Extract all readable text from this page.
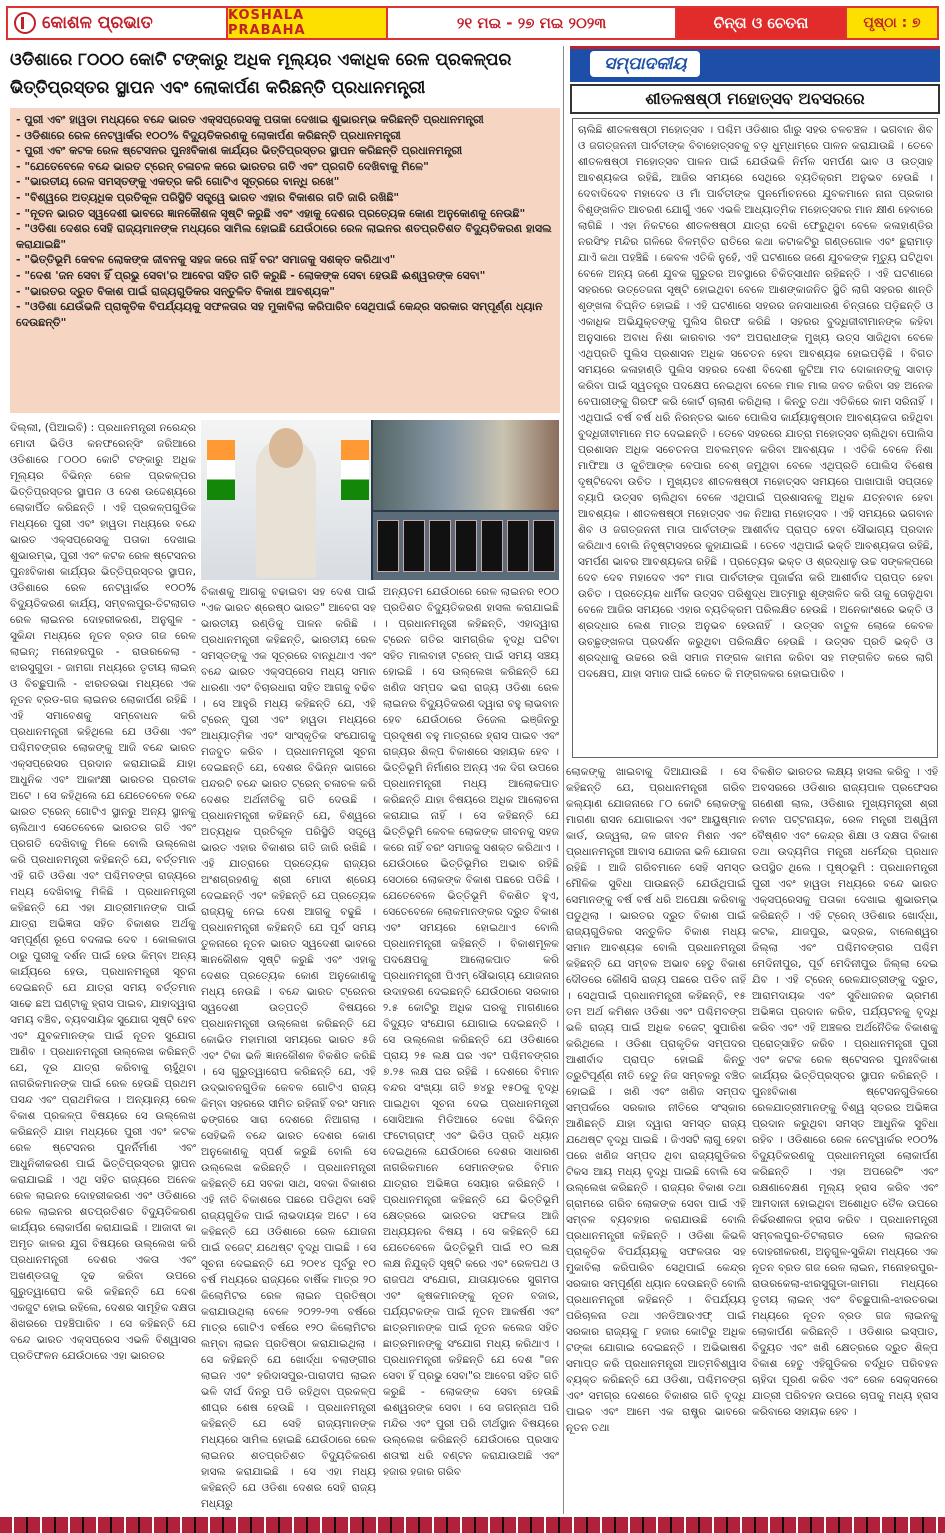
କୋଶଳ ପ୍ରଭାତ	KOSHALA PRABAHA	୨୧ ମଇ - ୨୭ ମଇ ୨୦୨୩	ଚିନ୍ତା ଓ ଚେତନା	ପୃଷ୍ଠା : ୭
ଓଡିଶାରେ ୮୦୦୦ କୋଟି ଟଙ୍କାରୁ ଅଧିକ ମୂଲ୍ୟର ଏକାଧିକ ରେଳ ପ୍ରକଳ୍ପର ଭିତ୍ତିପ୍ରସ୍ତର ସ୍ଥାପନ ଏବଂ ଲୋକାର୍ପଣ କରିଛନ୍ତି ପ୍ରଧାନମନ୍ତ୍ରୀ
- ପୁରୀ ଏବଂ ହାୱଡା ମଧ୍ୟରେ ବନ୍ଦେ ଭାରତ ଏକ୍ସପ୍ରେସକୁ ପତାକା ଦେଖାଇ ଶୁଭାରମ୍ଭ କରିଛନ୍ତି ପ୍ରଧାନମନ୍ତ୍ରୀ
- ଓଡିଶାରେ ରେଳ ନେଟୱାର୍କର ୧୦୦% ବିଦ୍ୟୁତିକରଣକୁ ଲୋକାର୍ପଣ କରିଛନ୍ତି ପ୍ରଧାନମନ୍ତ୍ରୀ
- ପୁରୀ ଏବଂ କଟକ ରେଳ ଷ୍ଟେସନର ପୁନଃବିକାଶ କାର୍ଯ୍ୟର ଭିତ୍ତିପ୍ରସ୍ତର ସ୍ଥାପନ କରିଛନ୍ତି ପ୍ରଧାନମନ୍ତ୍ରୀ
- "ଯେତେବେଳେ ବନ୍ଦେ ଭାରତ ଟ୍ରେନ୍ ଚଳାଚଳ କରେ ଭାରତର ଗତି ଏବଂ ପ୍ରଗତି ଦେଖିବାକୁ ମିଳେ"
- "ଭାରତୀୟ ରେଳ ସମସ୍ତଙ୍କୁ ଏକତ୍ର କରି ଗୋଟିଏ ସୂତ୍ରରେ ବାନ୍ଧି ରଖେ"
- "ବିଶ୍ୱରେ ଅତ୍ୟଧିକ ପ୍ରତିକୂଳ ପରିସ୍ଥିତି ସତ୍ତ୍ୱେ ଭାରତ ଏହାର ବିକାଶର ଗତି ଜାରି ରଖିଛି"
- "ନୂତନ ଭାରତ ସ୍ୱଦେଶୀ ଭାବରେ ଜ୍ଞାନକୌଶଳ ସୃଷ୍ଟି କରୁଛି ଏବଂ ଏହାକୁ ଦେଶର ପ୍ରତ୍ୟେକ କୋଣ ଅନୁକୋଣକୁ ନେଉଛି"
- "ଓଡିଶା ଦେଶର ସେହି ରାଜ୍ୟମାନଙ୍କ ମଧ୍ୟରେ ସାମିଲ ହୋଇଛି ଯେଉଁଠାରେ ରେଳ ଲାଇନର ଶତପ୍ରତିଶତ ବିଦ୍ୟୁତିକରଣ ହାସଲ କରାଯାଇଛି"
- "ଭିତ୍ତିଭୂମି କେବଳ ଲୋକଙ୍କ ଜୀବନକୁ ସହଜ କରେ ନାହିଁ ବରଂ ସମାଜକୁ ସଶକ୍ତ କରିଥାଏ"
- "ଦେଶ 'ଜନ ସେବା ହିଁ ପ୍ରଭୁ ସେବା'ର ଆବେଗ ସହିତ ଗତି କରୁଛି - ଲୋକଙ୍କ ସେବା ହେଉଛି ଈଶ୍ୱରଙ୍କ ସେବା"
- "ଭାରତର ଦ୍ରୁତ ବିକାଶ ପାଇଁ ରାଜ୍ୟଗୁଡିକର ସନ୍ତୁଳିତ ବିକାଶ ଆବଶ୍ୟକ"
- "ଓଡିଶା ଯେଉଁଭଳି ପ୍ରାକୃତିକ ବିପର୍ଯ୍ୟୟକୁ ସଫଳତାର ସହ ମୁକାବିଲା କରିପାରିବ ସେଥିପାଇଁ କେନ୍ଦ୍ର ସରକାର ସମ୍ପୂର୍ଣ୍ଣ ଧ୍ୟାନ ଦେଉଛନ୍ତି"
ଦିଲ୍ଲୀ, (ପିଆଇବି) : ପ୍ରଧାନମନ୍ତ୍ରୀ ନରେନ୍ଦ୍ର ମୋଦୀ ଭିଡିଓ କନଫରେନ୍ସିଂ ଜରିଆରେ ଓଡିଶାରେ ୮୦୦୦ କୋଟି ଟଙ୍କାରୁ ଅଧିକ ମୂଲ୍ୟର ବିଭିନ୍ନ ରେଳ ପ୍ରକଳ୍ପର ଭିତ୍ତିପ୍ରସ୍ତର ସ୍ଥାପନ ଓ ଦେଶ ଉଦ୍ଦେଶ୍ୟରେ ଲୋକାର୍ପିତ କରିଛନ୍ତି । ଏହି ପ୍ରକଳ୍ପଗୁଡିକ ମଧ୍ୟରେ ପୁରୀ ଏବଂ ହାୱଡା ମଧ୍ୟରେ ବନ୍ଦେ ଭାରତ ଏକ୍ସପ୍ରେସକୁ ପତାକା ଦେଖାଇ ଶୁଭାରମ୍ଭ, ପୁରୀ ଏବଂ କଟକ ରେଳ ଷ୍ଟେସନର ପୁନଃବିକାଶ କାର୍ଯ୍ୟର ଭିତ୍ତିପ୍ରସ୍ତର ସ୍ଥାପନ, ଓଡିଶାରେ ରେଳ ନେଟୱାର୍କର ୧୦୦% ବିଦ୍ୟୁତିକରଣ କାର୍ଯ୍ୟ, ସମ୍ବଲପୁର-ତିଟଲାଗଡ ରେଳ ଲାଇନର ଦୋହରୀକରଣ, ଅନୁଗୁଳ - ସୁକିନ୍ଦା ମଧ୍ୟରେ ନୂତନ ବ୍ରଡ ଗଜ ରେଳ ଲାଇନ୍; ମନୋହରପୁର - ରାଉରକେଲା - ଝାରସୁଗୁଡା - ଜାମଗା ମଧ୍ୟରେ ତୃତୀୟ ଲାଇନ୍ ଓ ବିଚ୍ଛୁପାଲି - ଝାରତରଭା ମଧ୍ୟରେ ଏକ ନୂତନ ବ୍ରଡ-ଗଜ ଲାଇନର ଲୋକାର୍ପଣ ରହିଛି । ଏହି ସମାବେଶକୁ ସମ୍ବୋଧନ କରି ପ୍ରଧାନମନ୍ତ୍ରୀ କହିଥିଲେ ଯେ ଓଡିଶା ଏବଂ ପଶ୍ଚିମବଙ୍ଗର ଲୋକଙ୍କୁ ଆଜି ବନ୍ଦେ ଭାରତ ଏକ୍ସପ୍ରେସର ପ୍ରଦାନ କରାଯାଇଛି ଯାହା ଆଧୁନିକ ଏବଂ ଆକାଂକ୍ଷୀ ଭାରତର ପ୍ରତୀକ ଅଟେ । ସେ କହିଥିଲେ ଯେ ଯେତେବେଳେ ବନ୍ଦେ ଭାରତ ଟ୍ରେନ୍ ଗୋଟିଏ ସ୍ଥାନରୁ ଅନ୍ୟ ସ୍ଥାନକୁ ଚାଲିଥାଏ ସେତେବେଳେ ଭାରତର ଗତି ଏବଂ ପ୍ରଗତି ଦେଖିବାକୁ ମିଳେ ବୋଲି ଉଲ୍ଲେଖ କରି ପ୍ରଧାନମନ୍ତ୍ରୀ କହିଛନ୍ତି ଯେ, ବର୍ତ୍ତମାନ ଏହି ଗତି ଓଡିଶା ଏବଂ ପଶ୍ଚିମବଙ୍ଗ ରାଜ୍ୟରେ ମଧ୍ୟ ଦେଖିବାକୁ ମିଳିଛି । ପ୍ରଧାନମନ୍ତ୍ରୀ କହିଛନ୍ତି ଯେ ଏହା ଯାତ୍ରୀମାନଙ୍କ ପାଇଁ ଯାତ୍ରା ଅଭିଜ୍ଞତା ସହିତ ବିକାଶର ଅର୍ଥକୁ ସମ୍ପୂର୍ଣ୍ଣ ରୂପେ ବଦଳାଇ ଦେବ । କୋଲକାତା ଠାରୁ ପୁରୀକୁ ଦର୍ଶନ ପାଇଁ ହେଉ କିମ୍ବା ଅନ୍ୟ କାର୍ଯ୍ୟରେ ହେଉ, ପ୍ରଧାନମନ୍ତ୍ରୀ ସୂଚନା ଦେଇଛନ୍ତି ଯେ ଯାତ୍ରା ସମୟ ବର୍ତ୍ତମାନ ସାଢେ ଛଅ ଘଣ୍ଟାକୁ ହ୍ରାସ ପାଇବ, ଯାହାଦ୍ୱାରା ସମୟ ବଞ୍ଚିବ, ବ୍ୟବସାୟିକ ସୁଯୋଗ ସୃଷ୍ଟି ହେବ ଏବଂ ଯୁବକମାନଙ୍କ ପାଇଁ ନୂତନ ସୁଯୋଗ ଆଣିବ । ପ୍ରଧାନମନ୍ତ୍ରୀ ଉଲ୍ଲେଖ କରିଛନ୍ତି ଯେ, ଦୂର ଯାତ୍ରା କରିବାକୁ ଚାହୁଁଥିବା ନାଗରିକମାନଙ୍କ ପାଇଁ ରେଳ ହେଉଛି ପ୍ରଥମ ପସନ୍ଦ ଏବଂ ପ୍ରାଥମିକତା । ଅନ୍ୟାନ୍ୟ ରେଳ ବିକାଶ ପ୍ରକଳ୍ପ ବିଷୟରେ ସେ ଉଲ୍ଲେଖ କରିଛନ୍ତି ଯାହା ମଧ୍ୟରେ ପୁରୀ ଏବଂ କଟକ ରେଳ ଷ୍ଟେସନର ପୁନର୍ନିର୍ମାଣ ଏବଂ ଆଧୁନିକୀକରଣ ପାଇଁ ଭିତ୍ତିପ୍ରସ୍ତର ସ୍ଥାପନ କରାଯାଇଛି । ଏଥି ସହିତ ରାଜ୍ୟରେ ଅନେକ ରେଳ ଲାଇନର ଦୋହରୀକରଣ ଏବଂ ଓଡିଶାରେ ରେଳ ଲାଇନର ଶତପ୍ରତିଶତ ବିଦ୍ୟୁତିକରଣ କାର୍ଯ୍ୟର ଲୋକାର୍ପଣ କରାଯାଇଛି । ଆଜାଦୀ କା ଅମୃତ କାଳର ଯୁଗ ବିଷୟରେ ଉଲ୍ଲେଖ କରି ପ୍ରଧାନମନ୍ତ୍ରୀ ଦେଶର ଏକତା ଏବଂ ଅଖଣ୍ଡତାକୁ ଦୃଢ କରିବା ଉପରେ ଗୁରୁତ୍ୱାରୋପ କରି କହିଛନ୍ତି ଯେ ଦେଶ ଏକଜୁଟ ହୋଇ ରହିଲେ, ଦେଶର ସାମୂହିକ ଦକ୍ଷତା ଶିଖରରେ ପହଞ୍ଚିପାରିବ । ସେ କହିଛନ୍ତି ଯେ ବନ୍ଦେ ଭାରତ ଏକ୍ସପ୍ରେସ ଏଭଳି ବିଶ୍ୱାସର ପ୍ରତିଫଳନ ଯେଉଁଠାରେ ଏହା ଭାରତର
ବିକାଶକୁ ଆଗକୁ ବଢାଇବା ସହ ଦେଶ ପାଇଁ "ଏକ ଭାରତ ଶ୍ରେଷ୍ଠ ଭାରତ" ଆବେଗ ସହ ଭାରତୀୟ ରଣ୍ଡିକୁ ପାଳନ କରିଛି । ପ୍ରଧାନମନ୍ତ୍ରୀ କହିଛନ୍ତି, ଭାରତୀୟ ରେଳ ସମସ୍ତଙ୍କୁ ଏକ ସୂତ୍ରରେ ବାନ୍ଧିଥାଏ ଏବଂ ବନ୍ଦେ ଭାରତ ଏକ୍ସପ୍ରେସ ମଧ୍ୟ ସମାନ ଧାରଣା ଏବଂ ବିଚାରଧାରା ସହିତ ଆଗକୁ ବଢିବ । ସେ ଆହୁରି ମଧ୍ୟ କହିଛନ୍ତି ଯେ, ଏହି ଟ୍ରେନ୍ ପୁରୀ ଏବଂ ହାୱଡା ମଧ୍ୟରେ ଆଧ୍ୟାତ୍ମିକ ଏବଂ ସାଂସ୍କୃତିକ ସଂଯୋଗକୁ ମଜବୁତ କରିବ । ପ୍ରଧାନମନ୍ତ୍ରୀ ସୂଚନା ଦେଇଛନ୍ତି ଯେ, ଦେଶର ବିଭିନ୍ନ ଭାଗରେ ପନ୍ଦରଟି ବନ୍ଦେ ଭାରତ ଟ୍ରେନ୍ ଚଳାଚଳ କରି ଦେଶର ଅର୍ଥନୀତିକୁ ଗତି ଦେଉଛି । ପ୍ରଧାନମନ୍ତ୍ରୀ କହିଛନ୍ତି ଯେ, ବିଶ୍ୱରେ ଅତ୍ୟଧିକ ପ୍ରତିକୂଳ ପରିସ୍ଥିତି ସତ୍ତ୍ୱେ ଭାରତ ଏହାର ବିକାଶର ଗତି ଜାରି ରଖିଛି । ଏହି ଯାତ୍ରାରେ ପ୍ରତ୍ୟେକ ରାଜ୍ୟର ଅଂଶଗ୍ରହଣକୁ ଶ୍ରୀ ମୋଦୀ ଶ୍ରେୟ ଦେଇଛନ୍ତି ଏବଂ କହିଛନ୍ତି ଯେ ପ୍ରତ୍ୟେକ ରାଜ୍ୟକୁ ନେଇ ଦେଶ ଆଗକୁ ବଢୁଛି । ପ୍ରଧାନମନ୍ତ୍ରୀ କହିଛନ୍ତି ଯେ ପୂର୍ବ ସମୟ ତୁଳନାରେ ନୂତନ ଭାରତ ସ୍ୱଦେଶୀ ଭାବରେ ଜ୍ଞାନକୌଶଳ ସୃଷ୍ଟି କରୁଛି ଏବଂ ଏହାକୁ ଦେଶର ପ୍ରତ୍ୟେକ କୋଣ ଅନୁକୋଣକୁ ମଧ୍ୟ ନେଉଛି । ବନ୍ଦେ ଭାରତ ଟ୍ରେନର ସ୍ୱଦେଶୀ ଉତ୍ପତ୍ତି ବିଷୟରେ ପ୍ରଧାନମନ୍ତ୍ରୀ ଉଲ୍ଲେଖ କରିଛନ୍ତି ଯେ କୋଭିଡ ମହାମାରୀ ସମୟରେ ଭାରତ ୫ଜି ଏବଂ ଟିକା ଭଳି ଜ୍ଞାନକୌଶଳ ବିକଶିତ କରିଛି । ସେ ଗୁରୁତ୍ୱାରୋପ କରିଛନ୍ତି ଯେ, ଏହି ଉଦ୍ଭାବନଗୁଡିକ କେବଳ ଗୋଟିଏ ରାଜ୍ୟ କିମ୍ବା ସହରରେ ସୀମିତ ରହିନାହିଁ ବରଂ ସମାନ ଢଙ୍ଗରେ ସାରା ଦେଶରେ ନିଆଗଲା । ସେହିଭଳି ବନ୍ଦେ ଭାରତ ଦେଶର କୋଣ ଅନୁକୋଣକୁ ସ୍ପର୍ଶ କରୁଛି ବୋଲି ସେ ଉଲ୍ଲେଖ କରିଛନ୍ତି । ପ୍ରଧାନମନ୍ତ୍ରୀ କହିଛନ୍ତି ଯେ ସବକା ସାଥ, ସବକା ବିକାଶର ଏହି ନୀତି ବିକାଶରେ ପଛରେ ପଡିଥିବା ସେହି ରାଜ୍ୟଗୁଡିକ ପାଇଁ ଲାଭଦାୟକ ଅଟେ । ସେ କହିଛନ୍ତି ଯେ ଓଡିଶାରେ ରେଳ ଯୋଜନା ପାଇଁ ବଜେଟ୍ ଯଥେଷ୍ଟ ବୃଦ୍ଧି ପାଇଛି । ସେ ସୂଚନା ଦେଇଛନ୍ତି ଯେ ୨୦୧୪ ପୂର୍ବରୁ ୧୦ ବର୍ଷ ମଧ୍ୟରେ ରାଜ୍ୟରେ ବାର୍ଷିକ ମାତ୍ର ୨୦ କିଲୋମିଟର ରେଳ ଲାଇନ ପ୍ରତିଷ୍ଠା କରାଯାଉଥିଲା ବେଳେ ୨୦୨୨-୨୩ ବର୍ଷରେ ମାତ୍ର ଗୋଟିଏ ବର୍ଷରେ ୧୨୦ କିଲୋମିଟର ଲମ୍ବା ଲାଇନ ପ୍ରତିଷ୍ଠା କରାଯାଇଥିଲା । ସେ କହିଛନ୍ତି ଯେ ଖୋର୍ଦ୍ଧା ବଲାଙ୍ଗୀର ଲାଇନ ଏବଂ ହରିଦାସପୁର-ପାରାଦୀପ ଲାଇନ ଭଳି ଦୀର୍ଘ ଦିନରୁ ପଡି ରହିଥିବା ପ୍ରକଳ୍ପ ଶୀଘ୍ର ଶେଷ ହେଉଛି । ପ୍ରଧାନମନ୍ତ୍ରୀ କହିଛନ୍ତି ଯେ ସେହି ରାଜ୍ୟମାନଙ୍କ ମଧ୍ୟରେ ସାମିଲ ହୋଇଛି ଯେଉଁଠାରେ ରେଳ ଲାଇନର ଶତପ୍ରତିଶତ ବିଦ୍ୟୁତିକରଣ ହାସଲ କରାଯାଇଛି । ସେ ଏହା ମଧ୍ୟ କହିଛନ୍ତି ଯେ ଓଡିଶା ଦେଶର ସେହି ରାଜ୍ୟ ମଧ୍ୟରୁ
ଅନ୍ୟତମ ଯେଉଁଠାରେ ରେଳ ଲାଇନର ୧୦୦ ପ୍ରତିଶତ ବିଦ୍ୟୁତିକରଣ ହାସଲ କରାଯାଇଛି । ପ୍ରଧାନମନ୍ତ୍ରୀ କହିଛନ୍ତି, ଏହାଦ୍ୱାରା ଟ୍ରେନ ଗତିର ସାମଗ୍ରିକ ବୃଦ୍ଧି ଘଟିବା ସହିତ ମାଲବାହୀ ଟ୍ରେନ୍ ପାଇଁ ସମୟ ସଞ୍ଚୟ ହୋଇଛି । ସେ ଉଲ୍ଲେଖ କରିଛନ୍ତି ଯେ ଖଣିଜ ସମ୍ପଦ ଭରା ରାଜ୍ୟ ଓଡିଶା ରେଳ ଲାଇନର ବିଦ୍ୟୁତିକରଣ ଦ୍ୱାରା ବହୁ ଲାଭବାନ ହେବ ଯେଉଁଠାରେ ଡିଜେଲ ଇଞ୍ଜିନରୁ ପ୍ରଦୂଷଣ ବହୁ ମାତ୍ରାରେ ହ୍ରାସ ପାଇବ ଏବଂ ରାଜ୍ୟର ଶିଳ୍ପ ବିକାଶରେ ସହାୟକ ହେବ । ଭିତ୍ତିଭୂମି ନିର୍ମାଣର ଅନ୍ୟ ଏକ ଦିଗ ଉପରେ ପ୍ରଧାନମନ୍ତ୍ରୀ ମଧ୍ୟ ଆଲୋକପାତ କରିଛନ୍ତି ଯାହା ବିଷୟରେ ଅଧିକ ଆଲୋଚନା କରାଯାଇ ନାହିଁ । ସେ କହିଛନ୍ତି ଯେ ଭିତ୍ତିଭୂମି କେବଳ ଲୋକଙ୍କ ଜୀବନକୁ ସହଜ କରେ ନାହିଁ ବରଂ ସମାଜକୁ ସଶକ୍ତ କରିଥାଏ । ଯେଉଁଠାରେ ଭିତ୍ତିଭୂମିର ଅଭାବ ରହିଛି ସେଠାରେ ଲୋକଙ୍କ ବିକାଶ ପଛରେ ପଡିଛି । ଯେତେବେଳେ ଭିତ୍ତିଭୂମି ବିକଶିତ ହୁଏ, ସେତେବେଳେ ଲୋକମାନଙ୍କର ଦ୍ରୁତ ବିକାଶ ଏବଂ ସମୟରେ ହୋଇଥାଏ ବୋଲି ପ୍ରଧାନମନ୍ତ୍ରୀ କହିଛନ୍ତି । ବିକାଶମୂଳକ ପଦକ୍ଷେପକୁ ଆଲୋକପାତ କରି ପ୍ରଧାନମନ୍ତ୍ରୀ ପିଏମ୍ ସୌଭାଗ୍ୟ ଯୋଜନାର ଉଦାହରଣ ଦେଇଛନ୍ତି ଯେଉଁଠାରେ ସରକାର ୨.୫ କୋଟିରୁ ଅଧିକ ଘରକୁ ମାଗଣାରେ ବିଦ୍ୟୁତ ସଂଯୋଗ ଯୋଗାଇ ଦେଇଛନ୍ତି । ସେ ଉଲ୍ଲେଖ କରିଛନ୍ତି ଯେ ଓଡିଶାରେ ପ୍ରାୟ ୨୫ ଲକ୍ଷ ଘର ଏବଂ ପଶ୍ଚିମବଙ୍ଗର ୭.୨୫ ଲକ୍ଷ ଘର ରହିଛି । ଦେଶରେ ବିମାନ ବନ୍ଦର ସଂଖ୍ୟା ଗତି ୭୪ରୁ ୧୫୦କୁ ବୃଦ୍ଧି ପାଇଥିବା ସୂଚନା ଦେଇ ପ୍ରଧାନମନ୍ତ୍ରୀ ସୋସିଆଲ ମିଡିଆରେ ଦେଖା ବିଭିନ୍ନ ଫଟୋଗ୍ରାଫ୍ ଏବଂ ଭିଡିଓ ପ୍ରତି ଧ୍ୟାନ ଦେଇଥିଲେ ଯେଉଁଠାରେ ଦେଶର ସାଧାରଣ ନାଗରିକମାନେ ସେମାନଙ୍କର ବିମାନ ଯାତ୍ରାର ଅଭିଜ୍ଞତା ସେୟାର କରିଛନ୍ତି । ପ୍ରଧାନମନ୍ତ୍ରୀ କହିଛନ୍ତି ଯେ ଭିତ୍ତିଭୂମି କ୍ଷେତ୍ରରେ ଭାରତର ସଫଳତା ଆଜି ଅଧ୍ୟୟନର ବିଷୟ । ସେ କହିଛନ୍ତି ଯେ ଯେତେବେଳେ ଭିତ୍ତିଭୂମି ପାଇଁ ୧୦ ଲକ୍ଷ ଲକ୍ଷ ନିଯୁକ୍ତି ସୃଷ୍ଟି କରେ ଏବଂ ରେଳପଥ ଓ ରାଜପଥ ସଂଯୋଗ, ଯାତାୟାତରେ ସୁଗମତା ଏବଂ କୃଷକମାନଙ୍କୁ ନୂତନ ବଜାର, ପର୍ଯ୍ୟଟକଙ୍କ ପାଇଁ ନୂତନ ଆକର୍ଷଣ ଏବଂ ଛାତ୍ରମାନଙ୍କ ପାଇଁ ନୂତନ କଲେଜ ସହିତ ଛାତ୍ରମାନଙ୍କୁ ସଂଯୋଗ ମଧ୍ୟ କରିଥାଏ । ପ୍ରଧାନମନ୍ତ୍ରୀ କହିଛନ୍ତି ଯେ ଦେଶ "ଜନ ସେବା ହିଁ ପ୍ରଭୁ ସେବା"ର ଆବେଗ ସହିତ ଗତି କରୁଛି - ଲୋକଙ୍କ ସେବା ହେଉଛି ଈଶ୍ୱରଙ୍କ ସେବା । ସେ ଜଗନ୍ନାଥ ପରି ମନ୍ଦିର ଏବଂ ପୁରୀ ପରି ତୀର୍ଥସ୍ଥାନ ବିଷୟରେ ଉଲ୍ଲେଖ କରିଛନ୍ତି ଯେଉଁଠାରେ ପ୍ରସାଦ ଶତାବ୍ଦୀ ଧରି ବଣ୍ଟନ କରାଯାଉଅଛି ଏବଂ ହଜାର ହଜାର ଗରିବ
ଲୋକଙ୍କୁ ଖାଇବାକୁ ଦିଆଯାଉଛି । ସେ କହିଛନ୍ତି ଯେ, ପ୍ରଧାନମନ୍ତ୍ରୀ ଗରିବ କଲ୍ୟାଣ ଯୋଜନାରେ ୮୦ କୋଟି ଲୋକଙ୍କୁ ମାଗଣା ରାସନ ଯୋଗାଇବା ଏବଂ ଆୟୁଷ୍ମାନ କାର୍ଡ, ଉଜ୍ୱଲା, ଜଳ ଜୀବନ ମିଶନ ଏବଂ ପ୍ରଧାନମନ୍ତ୍ରୀ ଆବାସ ଯୋଜନା ଭଳି ଯୋଜନା ରହିଛି । ଆଜି ଗରିବମାନେ ସେହି ସମସ୍ତ ମୌଳିକ ସୁବିଧା ପାଉଛନ୍ତି ଯେଉଁଥିପାଇଁ ସେମାନଙ୍କୁ ବର୍ଷ ବର୍ଷ ଧରି ଅପେକ୍ଷା କରିବାକୁ ପଡୁଥିଲା । ଭାରତର ଦ୍ରୁତ ବିକାଶ ପାଇଁ ରାଜ୍ୟଗୁଡିକର ସନ୍ତୁଳିତ ବିକାଶ ମଧ୍ୟ ସମାନ ଆବଶ୍ୟକ ବୋଲି ପ୍ରଧାନମନ୍ତ୍ରୀ କହିଛନ୍ତି ଯେ ସମ୍ବଳ ଅଭାବ ହେତୁ ବିକାଶ ଦୌଡରେ କୌଣସି ରାଜ୍ୟ ପଛରେ ପଡିବ ନାହିଁ । ସେଥିପାଇଁ ପ୍ରଧାନମନ୍ତ୍ରୀ କହିଛନ୍ତି, ୧୫ ତମ ଅର୍ଥ କମିଶନ ଓଡିଶା ଏବଂ ପଶ୍ଚିମବଙ୍ଗ ଭଳି ରାଜ୍ୟ ପାଇଁ ଅଧିକ ବଜେଟ୍ ସୁପାରିଶ କରିଥିଲେ । ଓଡିଶା ପ୍ରାକୃତିକ ସମ୍ପଦର ଆଶୀର୍ବାଦ ପ୍ରାପ୍ତ ହୋଇଛି କିନ୍ତୁ ତ୍ରୁଟିପୂର୍ଣ୍ଣ ନୀତି ହେତୁ ନିଜ ସମ୍ବଳରୁ ବଞ୍ଚିତ ହୋଇଛି । ଖଣି ଏବଂ ଖଣିଜ ସମ୍ପଦ ସମ୍ପର୍କରେ ସରକାର ନୀତିରେ ସଂସ୍କାର ଆଣିଛନ୍ତି ଯାହା ଦ୍ୱାରା ସମସ୍ତ ରାଜ୍ୟ ଯଥେଷ୍ଟ ବୃଦ୍ଧି ପାଇଛି । ଜିଏସଟି ଲାଗୁ ହେବା ପରେ ଖଣିଜ ସମ୍ପଦ ଥିବା ରାଜ୍ୟଗୁଡିକର ଟିକସ ଆୟ ମଧ୍ୟ ବୃଦ୍ଧି ପାଇଛି ବୋଲି ସେ ଉଲ୍ଲେଖ କରିଛନ୍ତି । ରାଜ୍ୟର ବିକାଶ ତଥା ଗ୍ରାମରେ ଗରିବ ଲୋକଙ୍କ ସେବା ପାଇଁ ଏହି ସମ୍ବଳ ବ୍ୟବହାର କରାଯାଉଛି ବୋଲି ପ୍ରଧାନମନ୍ତ୍ରୀ କହିଛନ୍ତି । ଓଡିଶା କିଭଳି ପ୍ରାକୃତିକ ବିପର୍ଯ୍ୟୟକୁ ସଫଳତାର ସହ ମୁକାବିଲା କରିପାରିବ ସେଥିପାଇଁ କେନ୍ଦ୍ର ସରକାର ସମ୍ପୂର୍ଣ୍ଣ ଧ୍ୟାନ ଦେଉଛନ୍ତି ବୋଲି ପ୍ରଧାନମନ୍ତ୍ରୀ କହିଛନ୍ତି । ବିପର୍ଯ୍ୟୟ ପରିଚାଳନା ତଥା ଏନଡିଆରଏଫ୍ ପାଇଁ ସରକାର ରାଜ୍ୟକୁ ୮ ହଜାର କୋଟିରୁ ଅଧିକ ଟଙ୍କା ଯୋଗାଇ ଦେଇଛନ୍ତି । ଅଭିଭାଷଣ ସମାପ୍ତ କରି ପ୍ରଧାନମନ୍ତ୍ରୀ ଆତ୍ମବିଶ୍ୱାସ ବ୍ୟକ୍ତ କରିଛନ୍ତି ଯେ ଓଡିଶା, ପଶ୍ଚିମବଙ୍ଗ ଏବଂ ସମଗ୍ର ଦେଶରେ ବିକାଶର ଗତି ବୃଦ୍ଧି ପାଇବ ଏବଂ ଆମେ ଏକ ରାଷ୍ଟ୍ର ଭାବରେ ନୂତନ ତଥା
ବିକଶିତ ଭାରତର ଲକ୍ଷ୍ୟ ହାସଲ କରିବୁ । ଏହି ଅବସରରେ ଓଡିଶାର ରାଜ୍ୟପାଳ ପ୍ରଫେସର ଗଣେଶୀ ଲାଲ, ଓଡିଶାର ମୁଖ୍ୟମନ୍ତ୍ରୀ ଶ୍ରୀ ନବୀନ ପଟ୍ଟନାୟକ, ରେଳ ମନ୍ତ୍ରୀ ଅଶ୍ୱିନୀ ବୈଷ୍ଣବ ଏବଂ କେନ୍ଦ୍ର ଶିକ୍ଷା ଓ ଦକ୍ଷତା ବିକାଶ ତଥା ଉଦ୍ୟମିତା ମନ୍ତ୍ରୀ ଧର୍ମେନ୍ଦ୍ର ପ୍ରଧାନ ଉପସ୍ଥିତ ଥିଲେ । ପୃଷ୍ଠଭୂମି : ପ୍ରଧାନମନ୍ତ୍ରୀ ପୁରୀ ଏବଂ ହାୱଡା ମଧ୍ୟରେ ବନ୍ଦେ ଭାରତ ଏକ୍ସପ୍ରେସକୁ ପତାକା ଦେଖାଇ ଶୁଭାରମ୍ଭ କରିଛନ୍ତି । ଏହି ଟ୍ରେନ୍ ଓଡିଶାର ଖୋର୍ଦ୍ଧା, କଟକ, ଯାଜପୁର, ଭଦ୍ରକ, ବାଲେଶ୍ୱର ଜିଲ୍ଲା ଏବଂ ପଶ୍ଚିମବଙ୍ଗର ପଶ୍ଚିମ ମେଦିନୀପୁର, ପୂର୍ବ ମେଦିନୀପୁର ଜିଲ୍ଲା ଦେଇ ଯିବ । ଏହି ଟ୍ରେନ୍ ରେଳଯାତ୍ରୀଙ୍କୁ ଦ୍ରୁତ, ଆରାମଦାୟକ ଏବଂ ସୁବିଧାଜନକ ଭ୍ରମଣ ଅଭିଜ୍ଞତା ପ୍ରଦାନ କରିବ, ପର୍ଯ୍ୟଟନକୁ ବୃଦ୍ଧି କରିବ ଏବଂ ଏହି ଅଞ୍ଚଳର ଅର୍ଥନୈତିକ ବିକାଶକୁ ପ୍ରୋତ୍ସାହିତ କରିବ । ପ୍ରଧାନମନ୍ତ୍ରୀ ପୁରୀ ଏବଂ କଟକ ରେଳ ଷ୍ଟେସନର ପୁନଃବିକାଶ କାର୍ଯ୍ୟର ଭିତ୍ତିପ୍ରସ୍ତର ସ୍ଥାପନ କରିଛନ୍ତି । ପୁନଃବିକାଶ ଷ୍ଟେସନଗୁଡିକରେ ରେଳଯାତ୍ରୀମାନଙ୍କୁ ବିଶ୍ୱ ସ୍ତରର ଅଭିଜ୍ଞତା ପ୍ରଦାନ କରୁଥିବା ସମସ୍ତ ଆଧୁନିକ ସୁବିଧା ରହିବ । ଓଡିଶାରେ ରେଳ ନେଟୱାର୍କର ୧୦୦% ବିଦ୍ୟୁତିକରଣକୁ ପ୍ରଧାନମନ୍ତ୍ରୀ ଲୋକାର୍ପଣ କରିଛନ୍ତି । ଏହା ଅପରେଟିଂ ଏବଂ ରକ୍ଷଣାବେକ୍ଷଣ ମୂଲ୍ୟ ହ୍ରାସ କରିବ ଏବଂ ଆମଦାନୀ ହୋଇଥିବା ଅଶୋଧିତ ତୈଳ ଉପରେ ନିର୍ଭରଶୀଳତା ହ୍ରାସ କରିବ । ପ୍ରଧାନମନ୍ତ୍ରୀ ସମ୍ବଲପୁର-ତିଟଲାଗଡ ରେଳ ଲାଇନର ଦୋହରୀକରଣ, ଅନୁଗୁଳ-ସୁକିନ୍ଦା ମଧ୍ୟରେ ଏକ ନୂତନ ବ୍ରଡ ଗଜ ରେଳ ଲାଇନ, ମନୋହରପୁର-ରାଉରକେଲା-ଝାରସୁଗୁଡା-ଜାମଗା ମଧ୍ୟରେ ତୃତୀୟ ଲାଇନ୍ ଏବଂ ବିଚ୍ଛୁପାଲି-ଝାରତରଭା ମଧ୍ୟରେ ନୂତନ ବ୍ରଡ ଗଜ ଲାଇନକୁ ଲୋକାର୍ପଣ କରିଛନ୍ତି । ଓଡିଶାର ଇସ୍ପାତ, ବିଦ୍ୟୁତ ଏବଂ ଖଣି କ୍ଷେତ୍ରରେ ଦ୍ରୁତ ଶିଳ୍ପ ବିକାଶ ହେତୁ ଏହିଗୁଡିକର ବର୍ଦ୍ଧିତ ପରିବହନ ଚାହିଦା ପୂରଣ କରିବ ଏବଂ ରେଳ ସେକ୍ସନରେ ଯାତ୍ରୀ ପରିବହନ ଉପରେ ଚାପକୁ ମଧ୍ୟ ହ୍ରାସ କରିବାରେ ସହାୟକ ହେବ ।
ସମ୍ପାଦକୀୟ
ଶୀତଳଷଷ୍ଠୀ ମହୋତ୍ସବ ଅବସରରେ
ଚାଲିଛି ଶୀତଳଷଷ୍ଠୀ ମହୋତ୍ସବ । ପଶ୍ଚିମ ଓଡିଶାର ଗାଁରୁ ସହର ଚଳଚଞ୍ଚଳ । ଭଗବାନ ଶିବ ଓ ଜଗତ୍ଜନନୀ ପାର୍ବତୀଙ୍କ ବିବାହୋତ୍ସବକୁ ବଡ଼ ଧୁମ୍ଧାମ୍ରେ ପାଳନ କରାଯାଉଛି । ତେବେ ଶୀତଳଷଷ୍ଠୀ ମହୋତ୍ସବ ପାଳନ ପାଇଁ ଯେଉଁଭଳି ନିର୍ମଳ ସମର୍ପଣ ଭାବ ଓ ଉତ୍ସାହ ଆବଶ୍ୟକତା ରହିଛି, ଆଜିର ସମୟରେ ସେଥିରେ ବ୍ୟତିକ୍ରମ ଅନୁଭବ ହେଉଛି । ଦେବାଦିଦେବ ମହାଦେବ ଓ ମାଁ ପାର୍ବତୀଙ୍କ ପୁନର୍ମୋଚନରେ ଯୁବକମାନେ ନାନା ପ୍ରକାର ବିଶୃଙ୍ଖଳିତ ଆଚରଣ ଯୋଗୁଁ ଏବେ ଏଭଳି ଆଧ୍ୟାତ୍ମିକ ମହୋତ୍ସବର ମାନ କ୍ଷୀଣ ହେବାରେ ଲାଗିଛି । ଏହା ନିକଟରେ ଶୀତଳଷଷ୍ଠୀ ଯାତ୍ରା ଦେଖି ଫେରୁଥିବା ବେଳେ କଳାହାଣ୍ଡିର ନରସିଂହ ମନ୍ଦିର ଗଳିରେ ବିଳମ୍ବିତ ରାତିରେ କଥା କଟାକଟିରୁ ଗଣ୍ଡଗୋଳ ଏବଂ ଛୁରାମାଡ଼ ଯାଏଁ କଥା ପହଞ୍ଚିଛି । କେବଳ ଏତିକି ନୁହେଁ, ଏହି ଘଟଣାରେ ଜଣେ ଯୁବକଙ୍କ ମୃତ୍ୟୁ ଘଟିଥିବା ବେଳେ ଅନ୍ୟ ଜଣେ ଯୁବକ ଗୁରୁତର ଅବସ୍ଥାରେ ଚିକିତ୍ସାଧୀନ ରହିଛନ୍ତି । ଏହି ଘଟଣାରେ ସହରରେ ଉତ୍ତେଜନା ସୃଷ୍ଟି ହୋଇଥିବା ବେଳେ ଆଶଙ୍କାଜନିତ ସ୍ଥିତି ଲାଗି ସହରର ଶାନ୍ତି ଶୃଙ୍ଖଳା ବିଘ୍ନିତ ହୋଇଛି । ଏହି ଘଟଣାରେ ସହରର ଜନସାଧାରଣ ଚିନ୍ତାରେ ପଡ଼ିଛନ୍ତି ଓ ଏକାଧିକ ଅଭିଯୁକ୍ତଙ୍କୁ ପୁଲିସ ଗିରଫ କରିଛି । ସହରର ବୁଦ୍ଧିଜୀବୀମାନଙ୍କ କହିବା ଅନୁସାରେ ଅବାଧ ନିଶା କାରବାର ଏବଂ ଅପରାଧୀଙ୍କ ମୁଖ୍ୟ ଉତ୍ସ ସାଜିଥିବା ବେଳେ ଏଥିପ୍ରତି ପୁଲିସ ପ୍ରଶାସନ ଅଧିକ ସଚେତନ ହେବା ଆବଶ୍ୟକ ହୋଇପଡ଼ିଛି । ବିଗତ ସମୟରେ କଳାହାଣ୍ଡି ପୁଲିସ ସହରର ଦେଶୀ ବିଦେଶୀ କୁଟିଆ ମଦ ଦୋକାନଙ୍କୁ ସାବାଡ଼ କରିବା ପାଇଁ ସ୍ୱତନ୍ତ୍ର ପଦକ୍ଷେପ ନେଇଥିବା ବେଳେ ମାଳ ମାଲ ଜବତ କରିବା ସହ ଅନେକ ବେପାରୀଙ୍କୁ ଗିରଫ କରି କୋର୍ଟ ଚାଲାଣ କରିଥିଲା । କିନ୍ତୁ ତଥା ଏତିକିରେ କାମ ସରିନାହିଁ । ଏଥିପାଇଁ ବର୍ଷ ବର୍ଷ ଧରି ନିରନ୍ତର ଭାବେ ପୋଲିସ କାର୍ଯ୍ୟାନୁଷ୍ଠାନ ଆବଶ୍ୟକତା ରହିଥିବା ବୁଦ୍ଧିଜୀବୀମାନେ ମତ ଦେଇଛନ୍ତି । ତେବେ ସହରରେ ଯାତ୍ରା ମହୋତ୍ସବ ଚାଲିଥିବା ପୋଲିସ ପ୍ରଶାସନ ଅଧିକ ସଚେତନତା ଅବଲମ୍ବନ କରିବା ଆବଶ୍ୟକ । ଏତିକି ବେଳେ ନିଶା ମାଫିଆ ଓ କୁଚିଆଙ୍କ ବେପାର ବେଶ୍ ଜମୁଥିବା ବେଳେ ଏଥିପ୍ରତି ପୋଲିସ ବିଶେଷ ଦୃଷ୍ଟିଦେବା ଉଚିତ । ମୁଖ୍ୟତଃ ଶୀତଳଷଷ୍ଠୀ ମହୋତ୍ସବ ସମୟରେ ପାଖାପାଖି ସପ୍ତାହେ ବ୍ୟାପି ଉତ୍ସବ ଚାଲିଥିବା ବେଳେ ଏଥିପାଇଁ ପ୍ରଶାସନକୁ ଅଧିକ ଯତ୍ନବାନ ହେବା ଆବଶ୍ୟକ । ଶୀତଳଷଷ୍ଠୀ ମହୋତ୍ସବ ଏକ ନିଆରା ମହୋତ୍ସବ । ଏହି ସମୟରେ ଭଗବାନ ଶିବ ଓ ଜଗତ୍ଜନନୀ ମାତା ପାର୍ବତୀଙ୍କ ଆଶୀର୍ବାଦ ପ୍ରାପ୍ତ ହେବା ସୌଭାଗ୍ୟ ପ୍ରଦାନ କରିଥାଏ ବୋଲି ନିବୃଷ୍ଟାସହରେ କୁହାଯାଇଛି । ତେବେ ଏଥିପାଇଁ ଭକ୍ତି ଆବଶ୍ୟକତା ରହିଛି, ସମର୍ପଣ ଭାବର ଆବଶ୍ୟକତା ରହିଛି । ପ୍ରତ୍ୟେକ ଭକ୍ତ ଓ ଶ୍ରଦ୍ଧାଳୁ ଉଚ୍ଚ ସଙ୍କଳ୍ପରେ ଦେବ ଦେବ ମହାଦେବ ଏବଂ ମାତା ପାର୍ବତୀଙ୍କ ପୂଜାର୍ଚ୍ଚନା କରି ଆଶୀର୍ବାଦ ପ୍ରାପ୍ତ ହେବା ଉଚିତ । ପ୍ରତ୍ୟେକ ଧାର୍ମିକ ଉତ୍ସବ ପରିଶୁଦ୍ଧ ଆତ୍ମାରୁ ଶୃଙ୍ଖଳିତ କରି ତାକୁ ତୋଳୁଥିବା ବେଳେ ଆଜିର ସମୟରେ ଏହାର ବ୍ୟତିକ୍ରମ ପରିଲକ୍ଷିତ ହେଉଛି । ଅନେକାଂଶରେ ଭକ୍ତି ଓ ଶ୍ରଦ୍ଧାର ଲେଶ ମାତ୍ର ଅନୁଭବ ହେଉନାହିଁ । ଉତ୍ସବ ବାତୁଳ ଲୋକେ କେବଳ ଉଚ୍ଛୃଙ୍ଖଳତା ପ୍ରଦର୍ଶନ କରୁଥିବା ପରିଲକ୍ଷିତ ହେଉଛି । ଉତ୍ସବ ପ୍ରତି ଭକ୍ତି ଓ ଶ୍ରଦ୍ଧାକୁ ଉଚ୍ଚରେ ରଖି ସମାଜ ମଙ୍ଗଳ କାମନା କରିବା ସହ ମଙ୍ଗଳିତ କରେ ଲାଗି ପଦକ୍ଷେପ, ଯାହା ସମାଜ ପାଇଁ କେତେ କି ମଙ୍ଗଳକର ହୋଇପାରିବ ।
